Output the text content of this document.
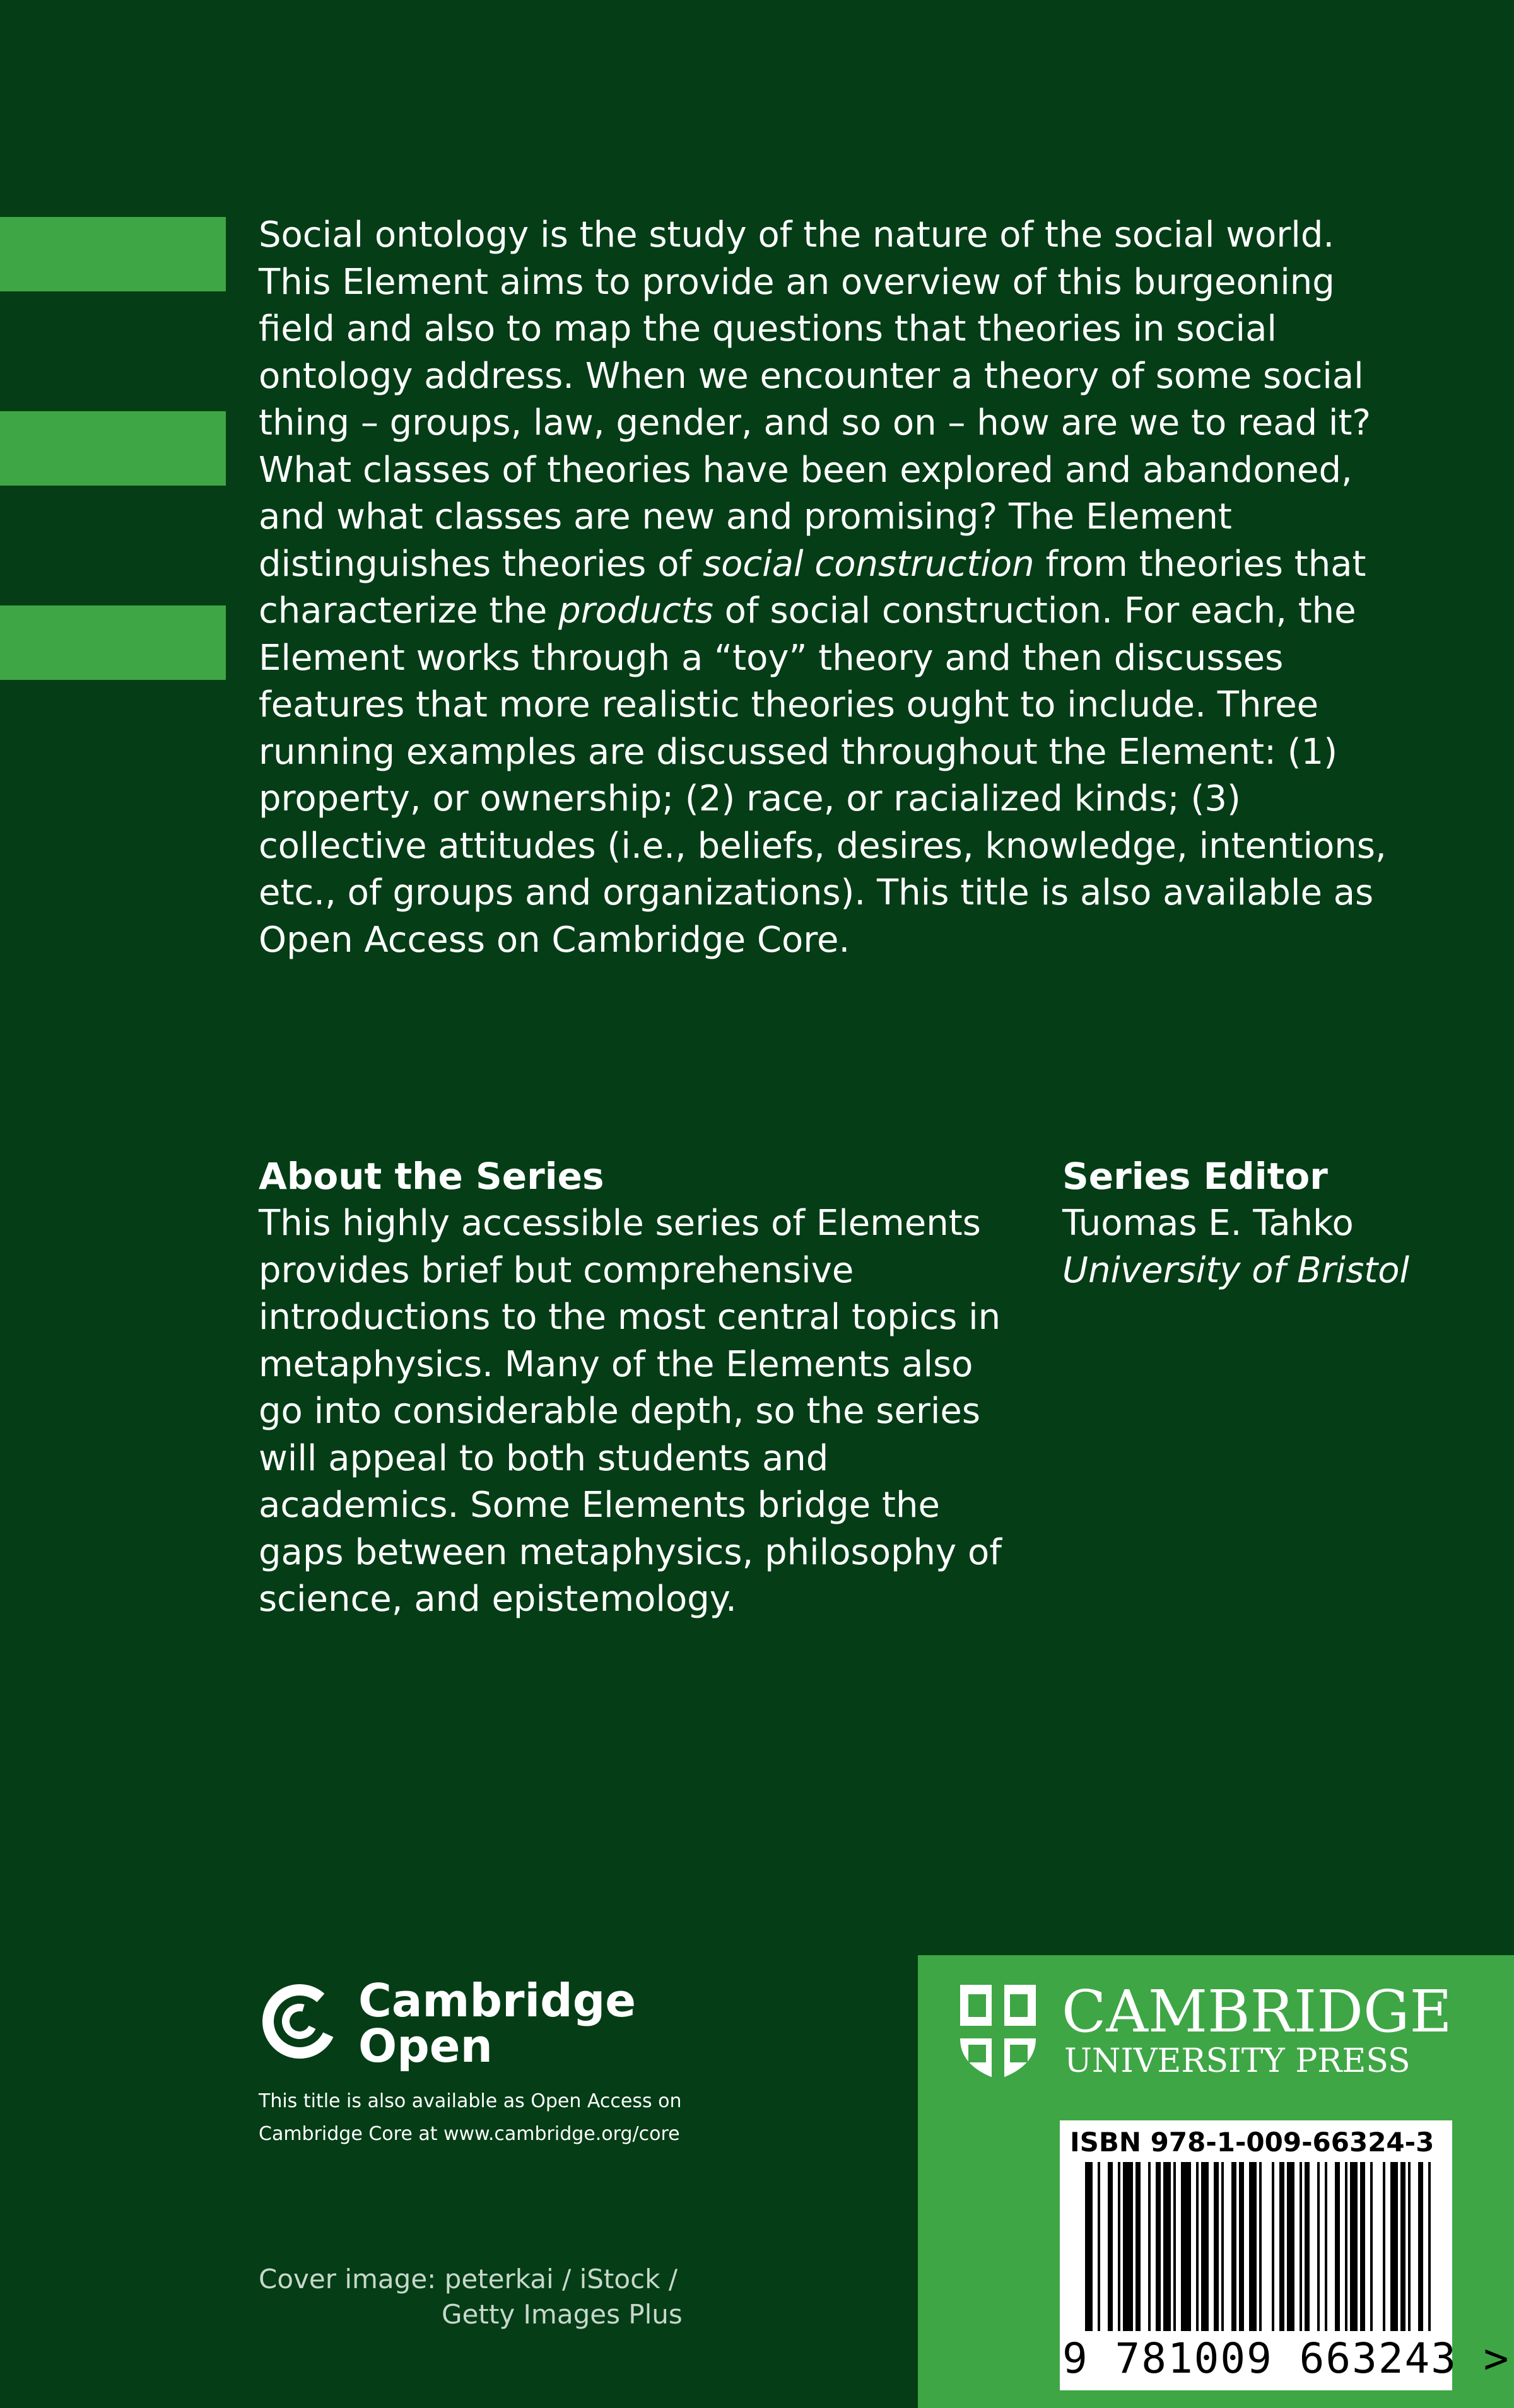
Social ontology is the study of the nature of the social world. This Element aims to provide an overview of this burgeoning field and also to map the questions that theories in social ontology address. When we encounter a theory of some social thing – groups, law, gender, and so on – how are we to read it? What classes of theories have been explored and abandoned, and what classes are new and promising? The Element distinguishes theories of social construction from theories that characterize the products of social construction. For each, the Element works through a “toy” theory and then discusses features that more realistic theories ought to include. Three running examples are discussed throughout the Element: (1) property, or ownership; (2) race, or racialized kinds; (3) collective attitudes (i.e., beliefs, desires, knowledge, intentions, etc., of groups and organizations). This title is also available as Open Access on Cambridge Core.

About the Series

This highly accessible series of Elements provides brief but comprehensive introductions to the most central topics in metaphysics. Many of the Elements also go into considerable depth, so the series will appeal to both students and academics. Some Elements bridge the gaps between metaphysics, philosophy of science, and epistemology.

Series Editor

Tuomas E. Tahko
University of Bristol
Cambridge
Open
This title is also available as Open Access on
Cambridge Core at www.cambridge.org/core
Cover image: peterkai / iStock /
Getty Images Plus
CAMBRIDGE
UNIVERSITY PRESS
ISBN 978-1-009-66324-3
9 781009 663243 >
